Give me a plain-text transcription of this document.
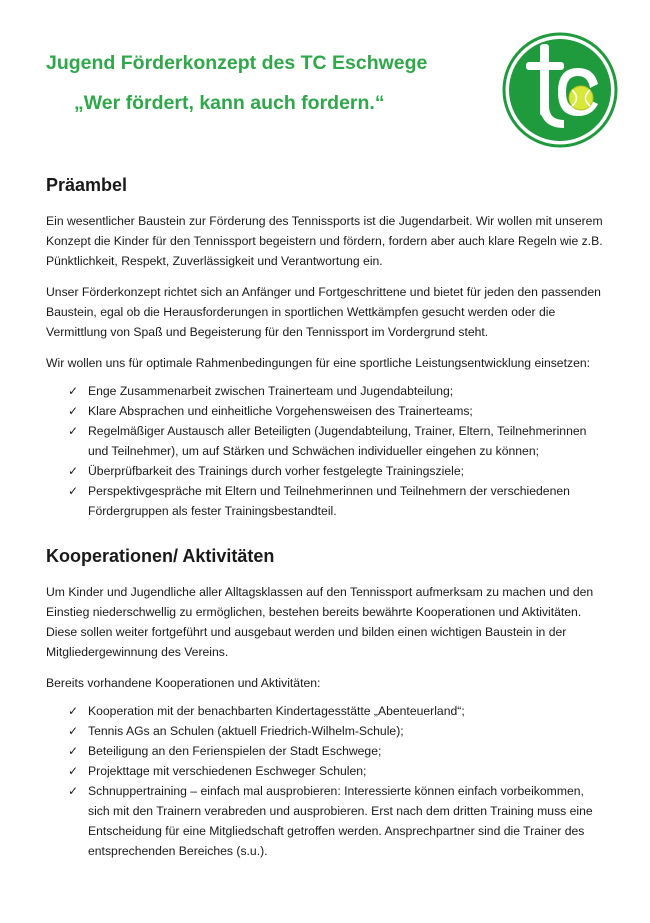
Jugend Förderkonzept des TC Eschwege
„Wer fördert, kann auch fordern.“
Präambel

Ein wesentlicher Baustein zur Förderung des Tennissports ist die Jugendarbeit. Wir wollen mit unserem Konzept die Kinder für den Tennissport begeistern und fördern, fordern aber auch klare Regeln wie z.B. Pünktlichkeit, Respekt, Zuverlässigkeit und Verantwortung ein.

Unser Förderkonzept richtet sich an Anfänger und Fortgeschrittene und bietet für jeden den passenden Baustein, egal ob die Herausforderungen in sportlichen Wettkämpfen gesucht werden oder die Vermittlung von Spaß und Begeisterung für den Tennissport im Vordergrund steht.

Wir wollen uns für optimale Rahmenbedingungen für eine sportliche Leistungsentwicklung einsetzen:

✓ Enge Zusammenarbeit zwischen Trainerteam und Jugendabteilung;
✓ Klare Absprachen und einheitliche Vorgehensweisen des Trainerteams;
✓ Regelmäßiger Austausch aller Beteiligten (Jugendabteilung, Trainer, Eltern, Teilnehmerinnen und Teilnehmer), um auf Stärken und Schwächen individueller eingehen zu können;
✓ Überprüfbarkeit des Trainings durch vorher festgelegte Trainingsziele;
✓ Perspektivgespräche mit Eltern und Teilnehmerinnen und Teilnehmern der verschiedenen Fördergruppen als fester Trainingsbestandteil.
Kooperationen/ Aktivitäten

Um Kinder und Jugendliche aller Alltagsklassen auf den Tennissport aufmerksam zu machen und den Einstieg niederschwellig zu ermöglichen, bestehen bereits bewährte Kooperationen und Aktivitäten. Diese sollen weiter fortgeführt und ausgebaut werden und bilden einen wichtigen Baustein in der Mitgliedergewinnung des Vereins.

Bereits vorhandene Kooperationen und Aktivitäten:

✓ Kooperation mit der benachbarten Kindertagesstätte „Abenteuerland“;
✓ Tennis AGs an Schulen (aktuell Friedrich-Wilhelm-Schule);
✓ Beteiligung an den Ferienspielen der Stadt Eschwege;
✓ Projekttage mit verschiedenen Eschweger Schulen;
✓ Schnuppertraining – einfach mal ausprobieren: Interessierte können einfach vorbeikommen, sich mit den Trainern verabreden und ausprobieren. Erst nach dem dritten Training muss eine Entscheidung für eine Mitgliedschaft getroffen werden. Ansprechpartner sind die Trainer des entsprechenden Bereiches (s.u.).
